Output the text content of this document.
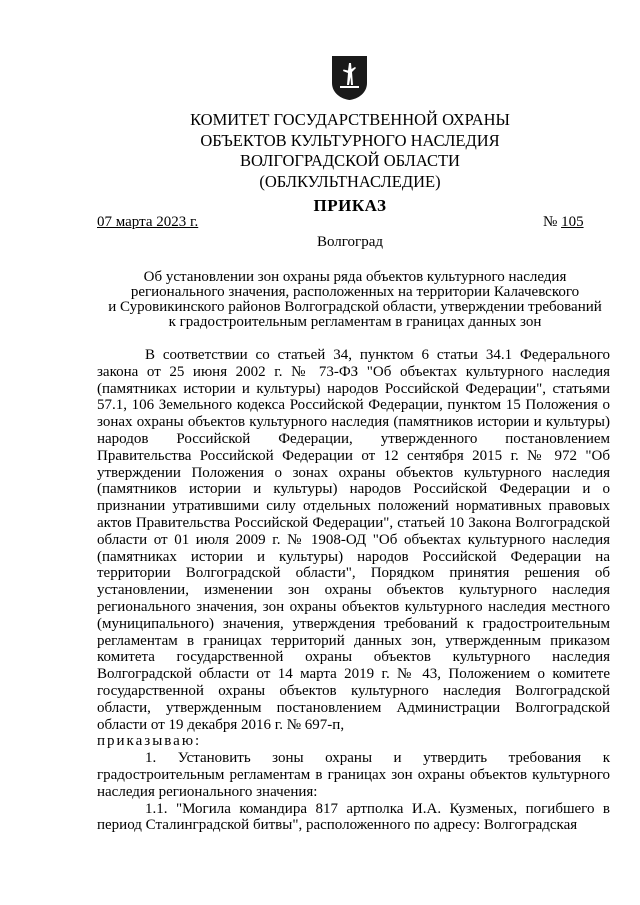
КОМИТЕТ ГОСУДАРСТВЕННОЙ ОХРАНЫ
ОБЪЕКТОВ КУЛЬТУРНОГО НАСЛЕДИЯ
ВОЛГОГРАДСКОЙ ОБЛАСТИ
(ОБЛКУЛЬТНАСЛЕДИЕ)
ПРИКАЗ
07 марта 2023 г.	№ 105
Волгоград
Об установлении зон охраны ряда объектов культурного наследия
регионального значения, расположенных на территории Калачевского
и Суровикинского районов Волгоградской области, утверждении требований
к градостроительным регламентам в границах данных зон

В соответствии со статьей 34, пунктом 6 статьи 34.1 Федерального закона от 25 июня 2002 г. № 73-ФЗ "Об объектах культурного наследия (памятниках истории и культуры) народов Российской Федерации", статьями 57.1, 106 Земельного кодекса Российской Федерации, пунктом 15 Положения о зонах охраны объектов культурного наследия (памятников истории и культуры) народов Российской Федерации, утвержденного постановлением Правительства Российской Федерации от 12 сентября 2015 г. № 972 "Об утверждении Положения о зонах охраны объектов культурного наследия (памятников истории и культуры) народов Российской Федерации и о признании утратившими силу отдельных положений нормативных правовых актов Правительства Российской Федерации", статьей 10 Закона Волгоградской области от 01 июля 2009 г. № 1908-ОД "Об объектах культурного наследия (памятниках истории и культуры) народов Российской Федерации на территории Волгоградской области", Порядком принятия решения об установлении, изменении зон охраны объектов культурного наследия регионального значения, зон охраны объектов культурного наследия местного (муниципального) значения, утверждения требований к градостроительным регламентам в границах территорий данных зон, утвержденным приказом комитета государственной охраны объектов культурного наследия Волгоградской области от 14 марта 2019 г. № 43, Положением о комитете государственной охраны объектов культурного наследия Волгоградской области, утвержденным постановлением Администрации Волгоградской области от 19 декабря 2016 г. № 697-п,

приказываю:

1. Установить зоны охраны и утвердить требования к градостроительным регламентам в границах зон охраны объектов культурного наследия регионального значения:

1.1. "Могила командира 817 артполка И.А. Кузменых, погибшего в период Сталинградской битвы", расположенного по адресу: Волгоградская
